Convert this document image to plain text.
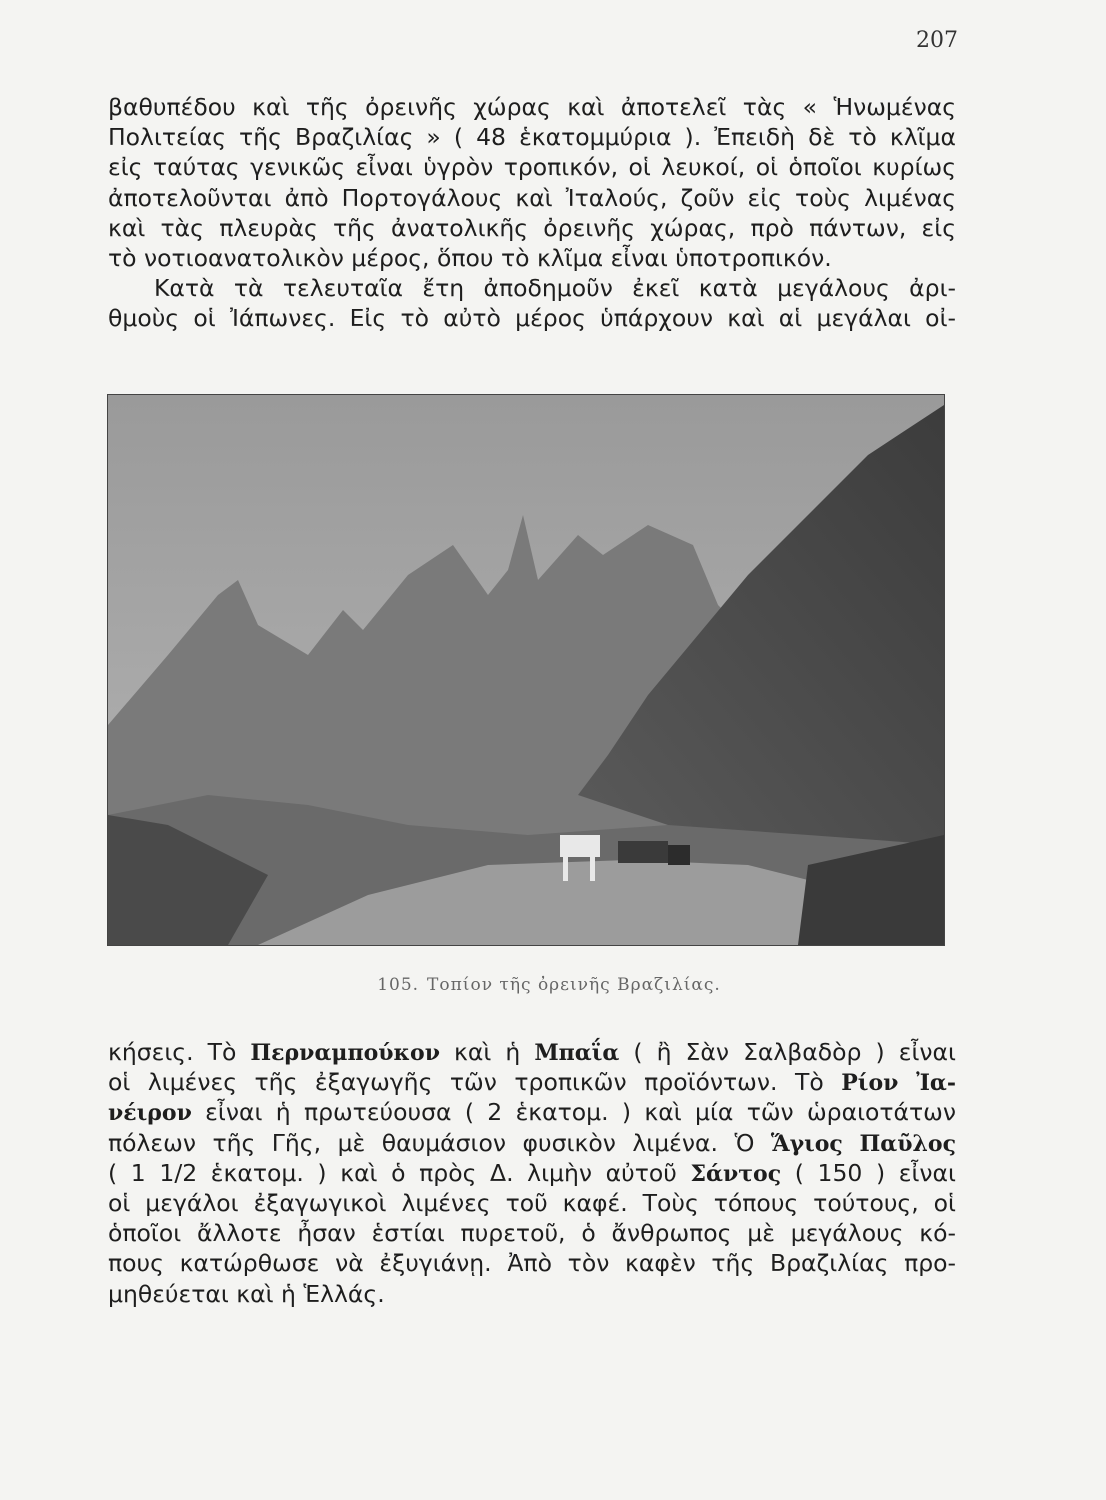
207
βαθυπέδου καὶ τῆς ὀρεινῆς χώρας καὶ ἀποτελεῖ τὰς « Ἡνωμένας
Πολιτείας τῆς Βραζιλίας » ( 48 ἑκατομμύρια ). Ἐπειδὴ δὲ τὸ κλῖμα
εἰς ταύτας γενικῶς εἶναι ὑγρὸν τροπικόν, οἱ λευκοί, οἱ ὁποῖοι κυρίως
ἀποτελοῦνται ἀπὸ Πορτογάλους καὶ Ἰταλούς, ζοῦν εἰς τοὺς λιμένας
καὶ τὰς πλευρὰς τῆς ἀνατολικῆς ὀρεινῆς χώρας, πρὸ πάντων, εἰς
τὸ νοτιοανατολικὸν μέρος, ὅπου τὸ κλῖμα εἶναι ὑποτροπικόν.
Κατὰ τὰ τελευταῖα ἔτη ἀποδημοῦν ἐκεῖ κατὰ μεγάλους ἀρι-
θμοὺς οἱ Ἰάπωνες. Εἰς τὸ αὐτὸ μέρος ὑπάρχουν καὶ αἱ μεγάλαι οἰ-
105. Τοπίον τῆς ὀρεινῆς Βραζιλίας.
κήσεις. Τὸ Περναμπούκον καὶ ἡ Μπαΐα ( ἢ Σὰν Σαλβαδὸρ ) εἶναι
οἱ λιμένες τῆς ἐξαγωγῆς τῶν τροπικῶν προϊόντων. Τὸ Ρίον Ἰα-
νέιρον εἶναι ἡ πρωτεύουσα ( 2 ἑκατομ. ) καὶ μία τῶν ὡραιοτάτων
πόλεων τῆς Γῆς, μὲ θαυμάσιον φυσικὸν λιμένα. Ὁ Ἅγιος Παῦλος
( 1 1/2 ἑκατομ. ) καὶ ὁ πρὸς Δ. λιμὴν αὐτοῦ Σάντος ( 150 ) εἶναι
οἱ μεγάλοι ἐξαγωγικοὶ λιμένες τοῦ καφέ. Τοὺς τόπους τούτους, οἱ
ὁποῖοι ἄλλοτε ἦσαν ἑστίαι πυρετοῦ, ὁ ἄνθρωπος μὲ μεγάλους κό-
πους κατώρθωσε νὰ ἐξυγιάνῃ. Ἀπὸ τὸν καφὲν τῆς Βραζιλίας προ-
μηθεύεται καὶ ἡ Ἑλλάς.
